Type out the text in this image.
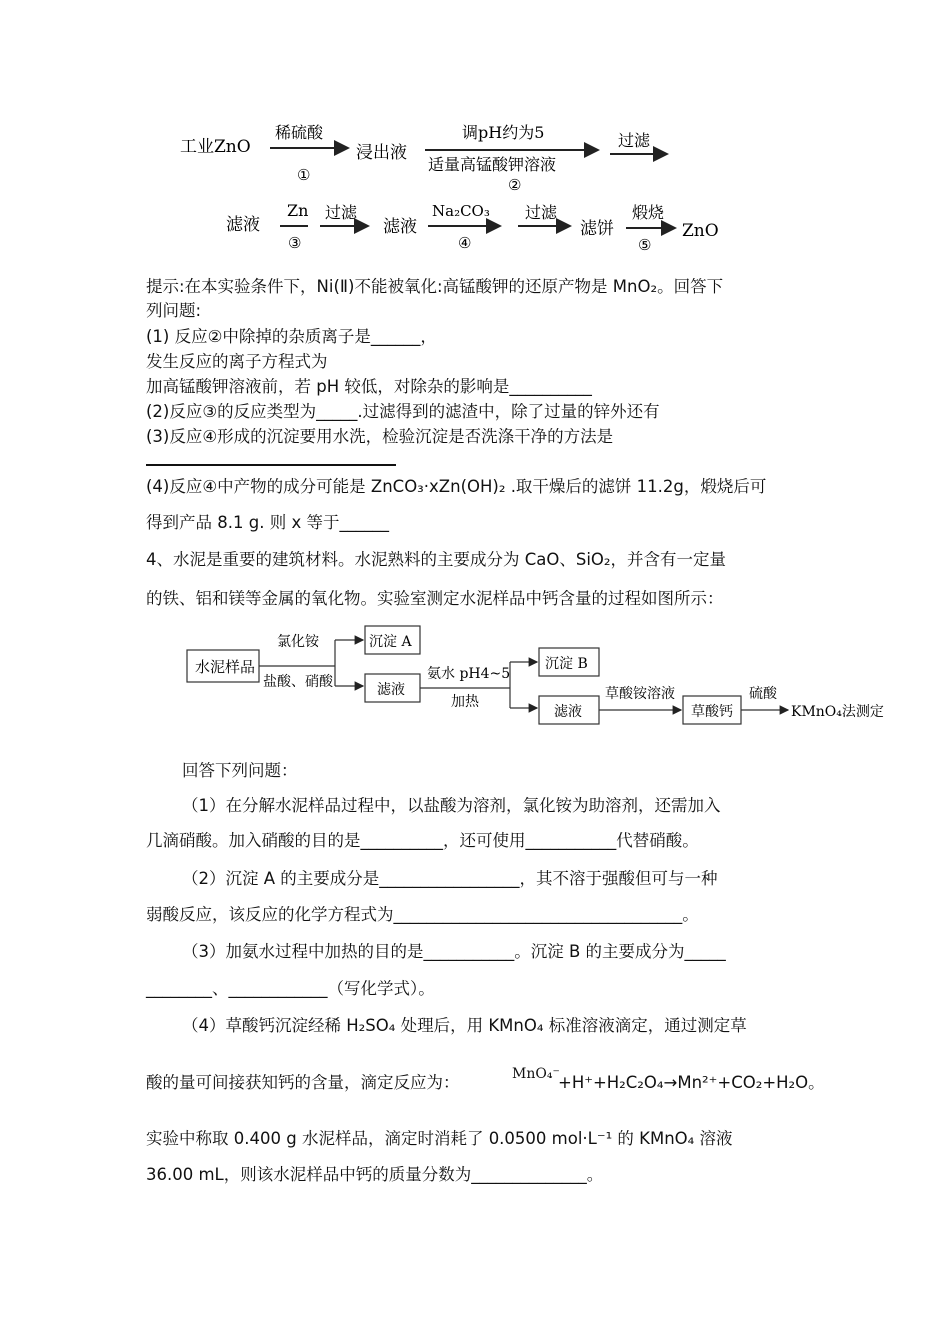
工业ZnO
稀硫酸
①
浸出液
调pH约为5
适量高锰酸钾溶液
②
过滤
滤液
Zn
③
过滤
滤液
Na₂CO₃
④
过滤
滤饼
煅烧
⑤
ZnO
提示:在本实验条件下，Ni(Ⅱ)不能被氧化:高锰酸钾的还原产物是 MnO₂。回答下
列问题:
(1) 反应②中除掉的杂质离子是______，
发生反应的离子方程式为
加高锰酸钾溶液前，若 pH 较低，对除杂的影响是__________
(2)反应③的反应类型为_____.过滤得到的滤渣中，除了过量的锌外还有
(3)反应④形成的沉淀要用水洗，检验沉淀是否洗涤干净的方法是
(4)反应④中产物的成分可能是 ZnCO₃·xZn(OH)₂ .取干燥后的滤饼 11.2g，煅烧后可
得到产品 8.1 g. 则 x 等于______
4、水泥是重要的建筑材料。水泥熟料的主要成分为 CaO、SiO₂，并含有一定量
的铁、铝和镁等金属的氧化物。实验室测定水泥样品中钙含量的过程如图所示：
水泥样品
氯化铵
盐酸、硝酸
沉淀 A
滤液
氨水 pH4~5
加热
沉淀 B
滤液
草酸铵溶液
草酸钙
硫酸
KMnO₄法测定
回答下列问题：
（1）在分解水泥样品过程中，以盐酸为溶剂，氯化铵为助溶剂，还需加入
几滴硝酸。加入硝酸的目的是__________，还可使用___________代替硝酸。
（2）沉淀 A 的主要成分是_________________，其不溶于强酸但可与一种
弱酸反应，该反应的化学方程式为___________________________________。
（3）加氨水过程中加热的目的是___________。沉淀 B 的主要成分为_____
________、____________（写化学式）。
（4）草酸钙沉淀经稀 H₂SO₄ 处理后，用 KMnO₄ 标准溶液滴定，通过测定草
酸的量可间接获知钙的含量，滴定反应为：	MnO₄⁻
+H⁺+H₂C₂O₄→Mn²⁺+CO₂+H₂O。
实验中称取 0.400 g 水泥样品，滴定时消耗了 0.0500 mol·L⁻¹ 的 KMnO₄ 溶液
36.00 mL，则该水泥样品中钙的质量分数为______________。
